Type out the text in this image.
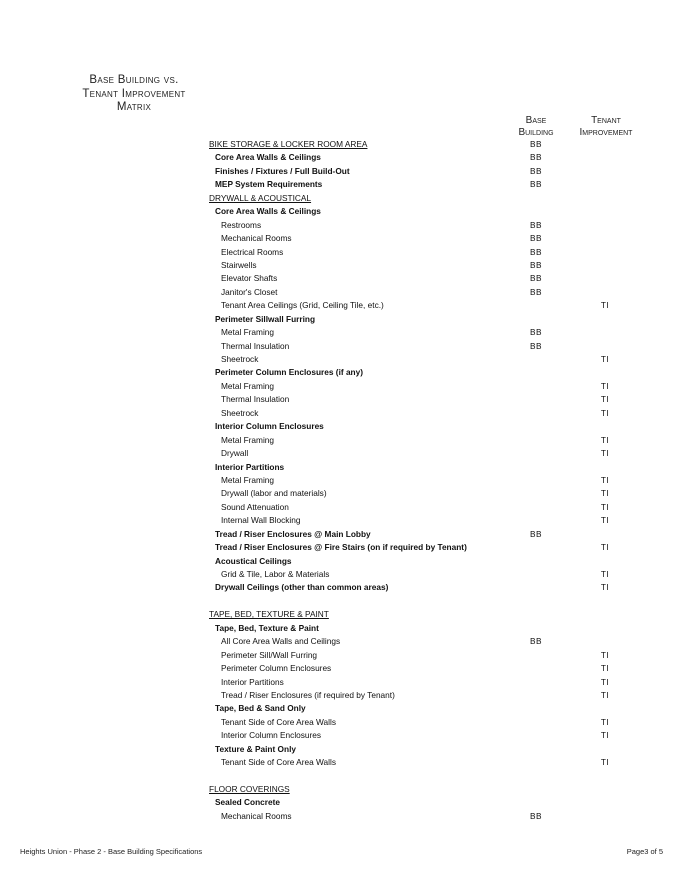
Base Building vs.
Tenant Improvement
Matrix
Base
Building
Tenant
Improvement
BIKE STORAGE & LOCKER ROOM AREA	BB
Core Area Walls & Ceilings	BB
Finishes / Fixtures / Full Build-Out	BB
MEP System Requirements	BB
DRYWALL & ACOUSTICAL
Core Area Walls & Ceilings
Restrooms	BB
Mechanical Rooms	BB
Electrical Rooms	BB
Stairwells	BB
Elevator Shafts	BB
Janitor's Closet	BB
Tenant Area Ceilings (Grid, Ceiling Tile, etc.)	TI
Perimeter Sillwall Furring
Metal Framing	BB
Thermal Insulation	BB
Sheetrock	TI
Perimeter Column Enclosures (if any)
Metal Framing	TI
Thermal Insulation	TI
Sheetrock	TI
Interior Column Enclosures
Metal Framing	TI
Drywall	TI
Interior Partitions
Metal Framing	TI
Drywall (labor and materials)	TI
Sound Attenuation	TI
Internal Wall Blocking	TI
Tread / Riser Enclosures @ Main Lobby	BB
Tread / Riser Enclosures @ Fire Stairs (on if required by Tenant)	TI
Acoustical Ceilings
Grid & Tile, Labor & Materials	TI
Drywall Ceilings (other than common areas)	TI
TAPE, BED, TEXTURE & PAINT
Tape, Bed, Texture & Paint
All Core Area Walls and Ceilings	BB
Perimeter Sill/Wall Furring	TI
Perimeter Column Enclosures	TI
Interior Partitions	TI
Tread / Riser Enclosures (if required by Tenant)	TI
Tape, Bed & Sand Only
Tenant Side of Core Area Walls	TI
Interior Column Enclosures	TI
Texture & Paint Only
Tenant Side of Core Area Walls	TI
FLOOR COVERINGS
Sealed Concrete
Mechanical Rooms	BB
Heights Union - Phase 2 - Base Building Specifications	Page3 of 5
